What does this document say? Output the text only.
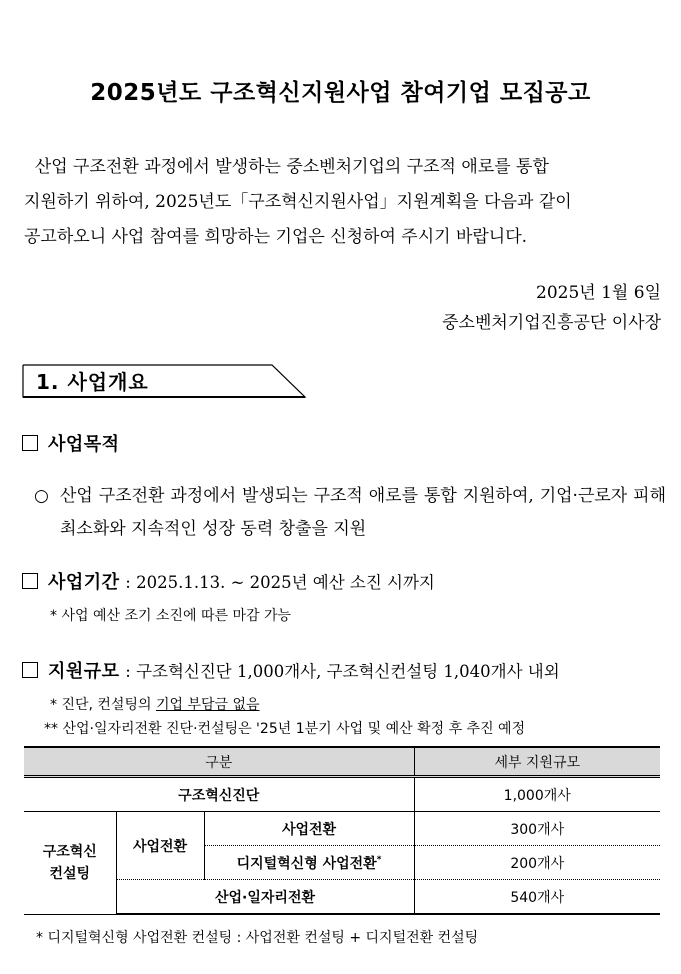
2025년도 구조혁신지원사업 참여기업 모집공고

산업 구조전환 과정에서 발생하는 중소벤처기업의 구조적 애로를 통합

지원하기 위하여, 2025년도「구조혁신지원사업」지원계획을 다음과 같이

공고하오니 사업 참여를 희망하는 기업은 신청하여 주시기 바랍니다.

2025년 1월 6일
중소벤처기업진흥공단 이사장
1. 사업개요
사업목적
○ 산업 구조전환 과정에서 발생되는 구조적 애로를 통합 지원하여, 기업·근로자 피해 최소화와 지속적인 성장 동력 창출을 지원
사업기간 : 2025.1.13. ~ 2025년 예산 소진 시까지
* 사업 예산 조기 소진에 따른 마감 가능
지원규모 : 구조혁신진단 1,000개사, 구조혁신컨설팅 1,040개사 내외
* 진단, 컨설팅의 기업 부담금 없음
** 산업·일자리전환 진단·컨설팅은 '25년 1분기 사업 및 예산 확정 후 추진 예정
구분			세부 지원규모
구조혁신진단			1,000개사
구조혁신
컨설팅	사업전환	사업전환	300개사
		디지털혁신형 사업전환*	200개사
	산업·일자리전환		540개사
* 디지털혁신형 사업전환 컨설팅 : 사업전환 컨설팅 + 디지털전환 컨설팅
